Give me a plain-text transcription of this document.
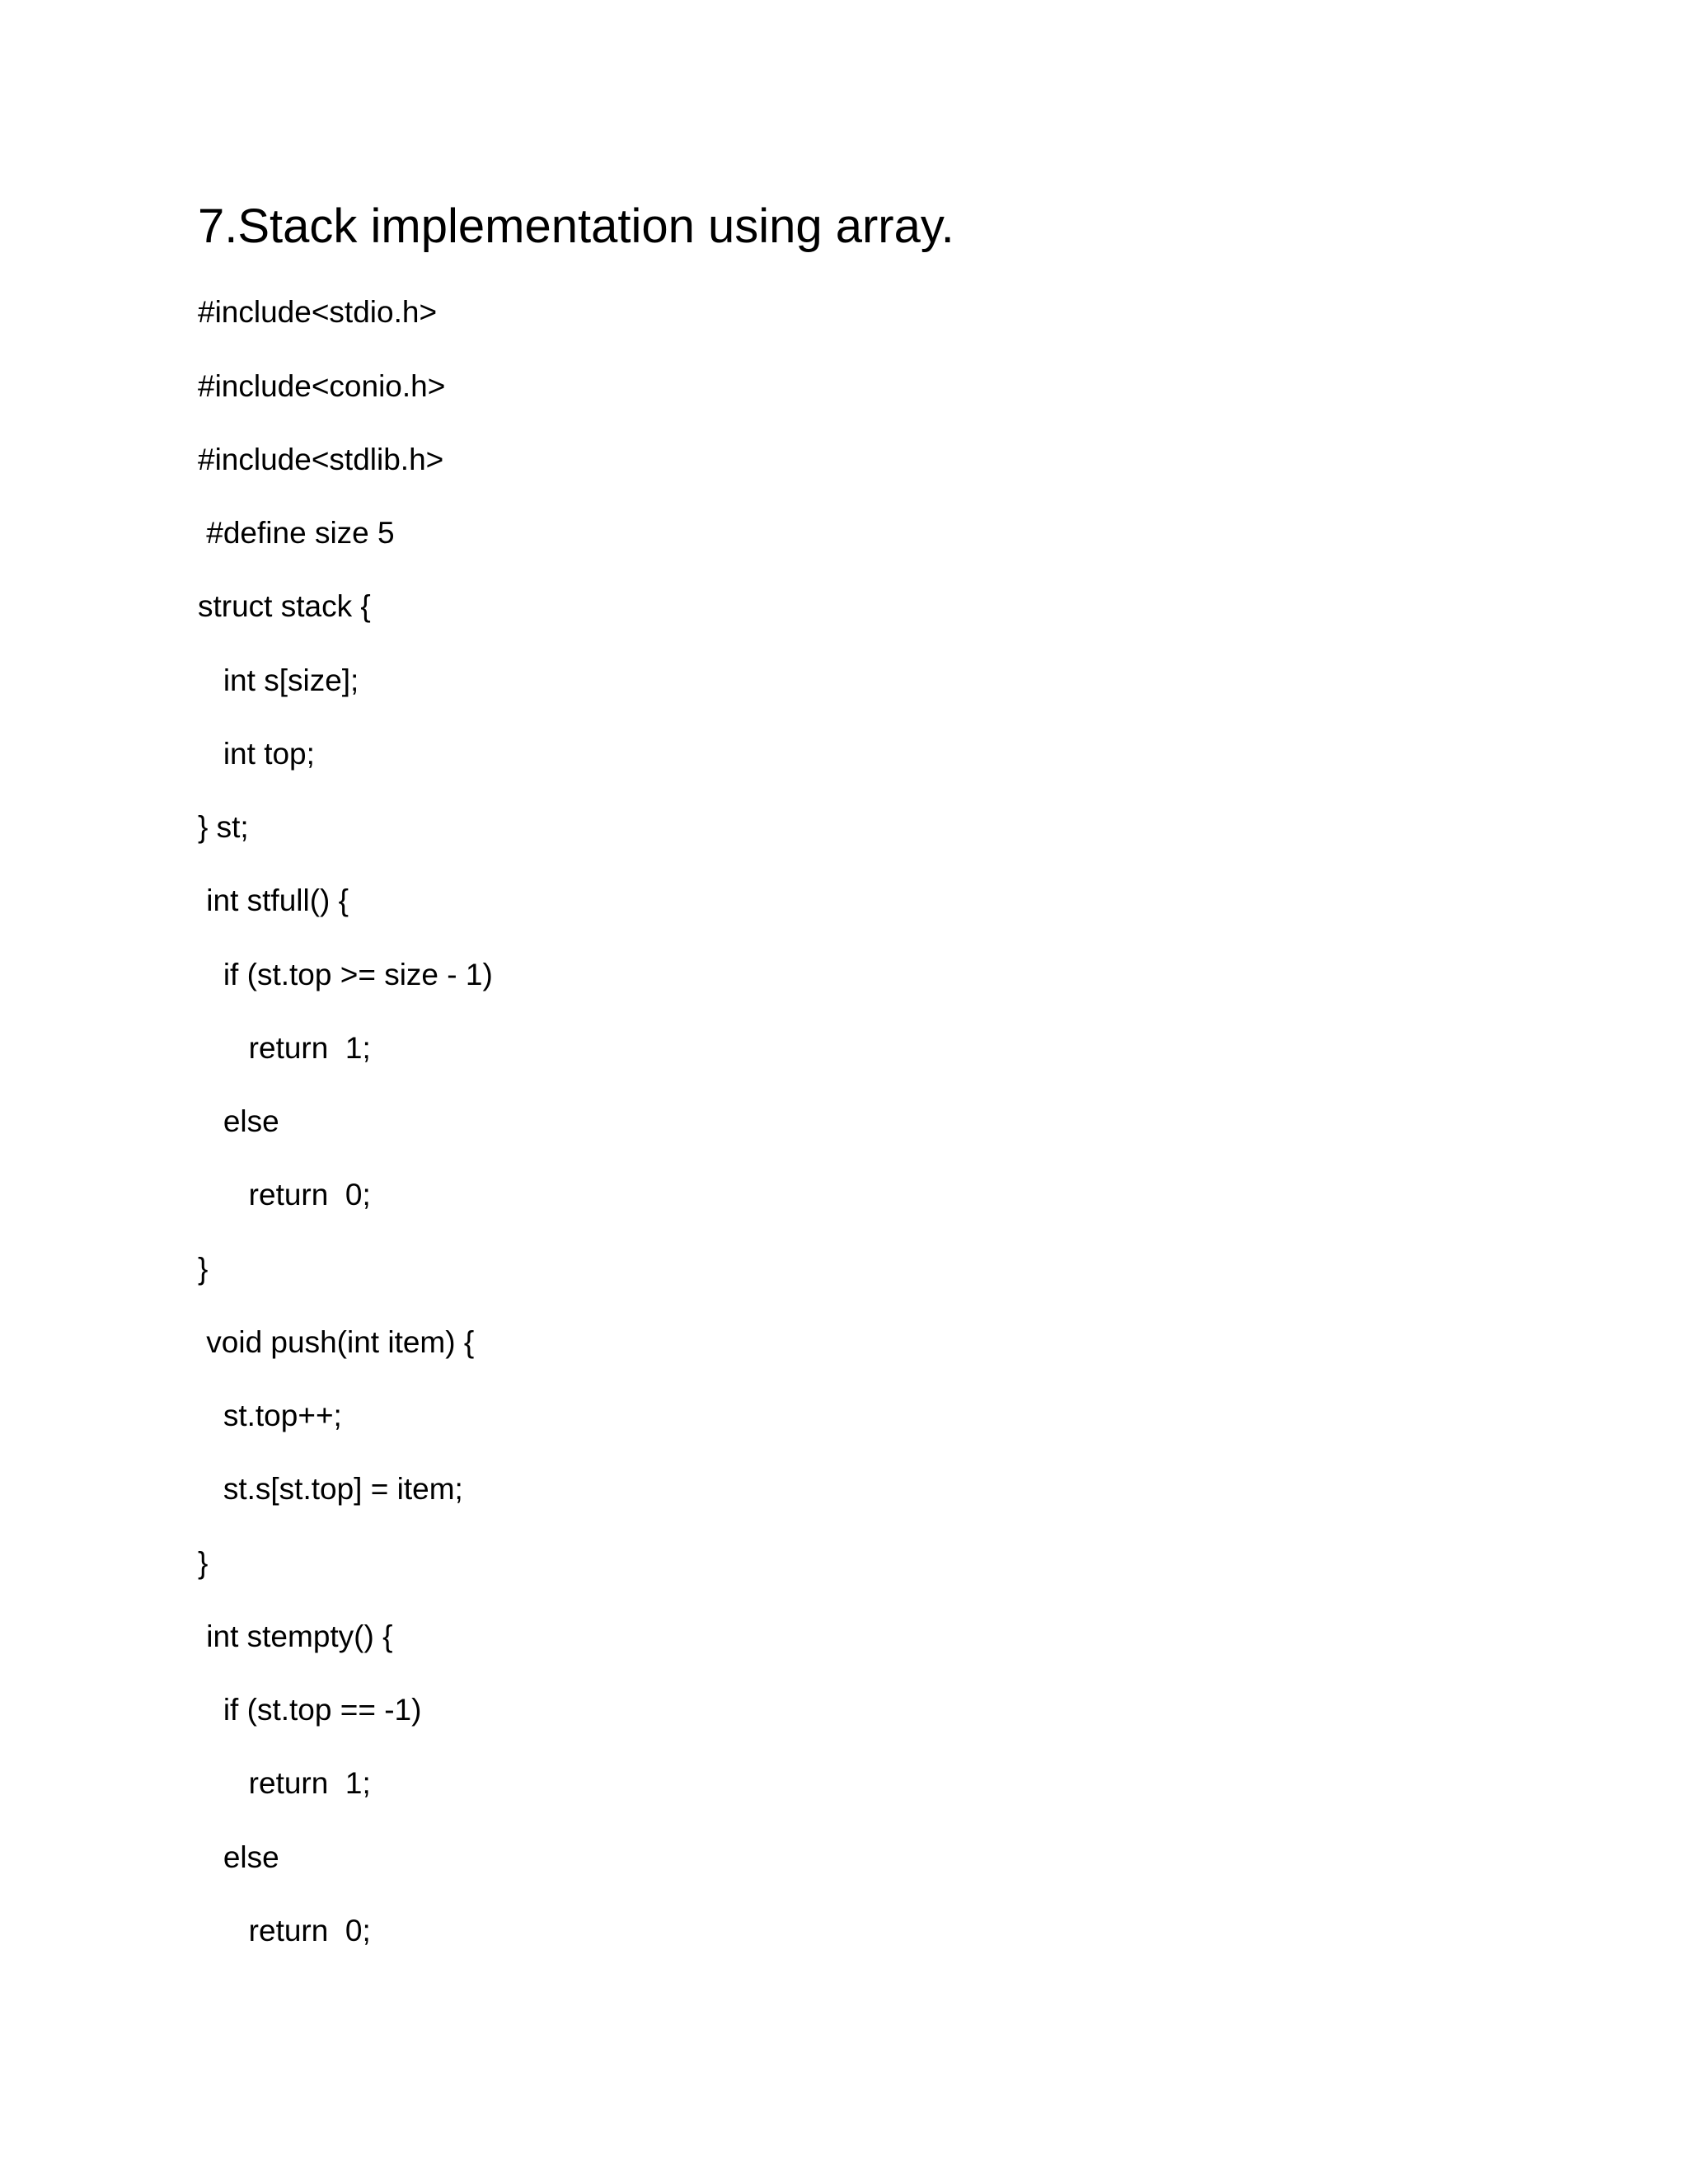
7.Stack implementation using array.
#include<stdio.h>
#include<conio.h>
#include<stdlib.h>
#define size 5
struct stack {
int s[size];
int top;
} st;
int stfull() {
if (st.top >= size - 1)
return  1;
else
return  0;
}
void push(int item) {
st.top++;
st.s[st.top] = item;
}
int stempty() {
if (st.top == -1)
return  1;
else
return  0;
